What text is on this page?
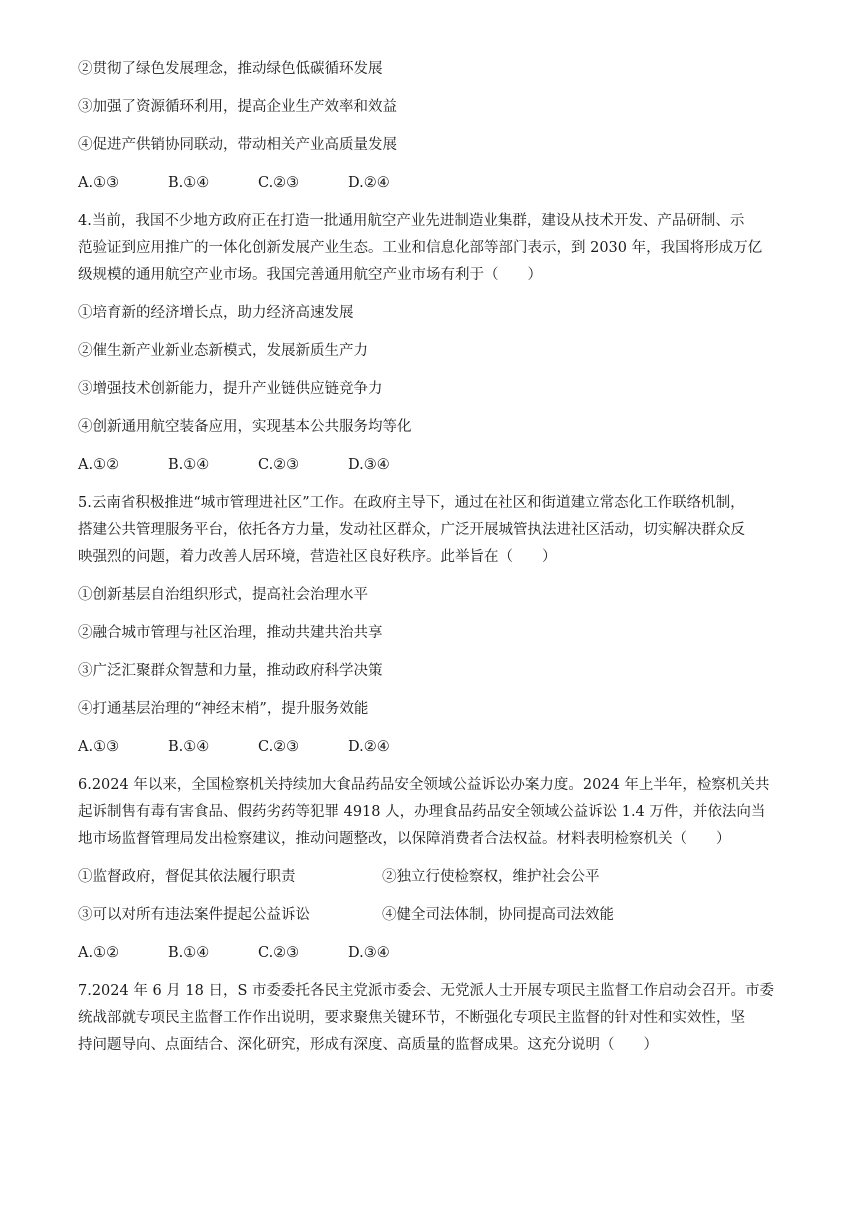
②贯彻了绿色发展理念，推动绿色低碳循环发展

③加强了资源循环利用，提高企业生产效率和效益

④促进产供销协同联动，带动相关产业高质量发展

A.①③	B.①④	C.②③	D.②④

4.当前，我国不少地方政府正在打造一批通用航空产业先进制造业集群，建设从技术开发、产品研制、示

范验证到应用推广的一体化创新发展产业生态。工业和信息化部等部门表示，到 2030 年，我国将形成万亿

级规模的通用航空产业市场。我国完善通用航空产业市场有利于（　　）

①培育新的经济增长点，助力经济高速发展

②催生新产业新业态新模式，发展新质生产力

③增强技术创新能力，提升产业链供应链竞争力

④创新通用航空装备应用，实现基本公共服务均等化

A.①②	B.①④	C.②③	D.③④

5.云南省积极推进“城市管理进社区”工作。在政府主导下，通过在社区和街道建立常态化工作联络机制，

搭建公共管理服务平台，依托各方力量，发动社区群众，广泛开展城管执法进社区活动，切实解决群众反

映强烈的问题，着力改善人居环境，营造社区良好秩序。此举旨在（　　）

①创新基层自治组织形式，提高社会治理水平

②融合城市管理与社区治理，推动共建共治共享

③广泛汇聚群众智慧和力量，推动政府科学决策

④打通基层治理的“神经末梢”，提升服务效能

A.①③	B.①④	C.②③	D.②④

6.2024 年以来，全国检察机关持续加大食品药品安全领域公益诉讼办案力度。2024 年上半年，检察机关共

起诉制售有毒有害食品、假药劣药等犯罪 4918 人，办理食品药品安全领域公益诉讼 1.4 万件，并依法向当

地市场监督管理局发出检察建议，推动问题整改，以保障消费者合法权益。材料表明检察机关（　　）

①监督政府，督促其依法履行职责	②独立行使检察权，维护社会公平
③可以对所有违法案件提起公益诉讼	④健全司法体制，协同提高司法效能
A.①②	B.①④	C.②③	D.③④

7.2024 年 6 月 18 日，S 市委委托各民主党派市委会、无党派人士开展专项民主监督工作启动会召开。市委

统战部就专项民主监督工作作出说明，要求聚焦关键环节，不断强化专项民主监督的针对性和实效性，坚

持问题导向、点面结合、深化研究，形成有深度、高质量的监督成果。这充分说明（　　）
